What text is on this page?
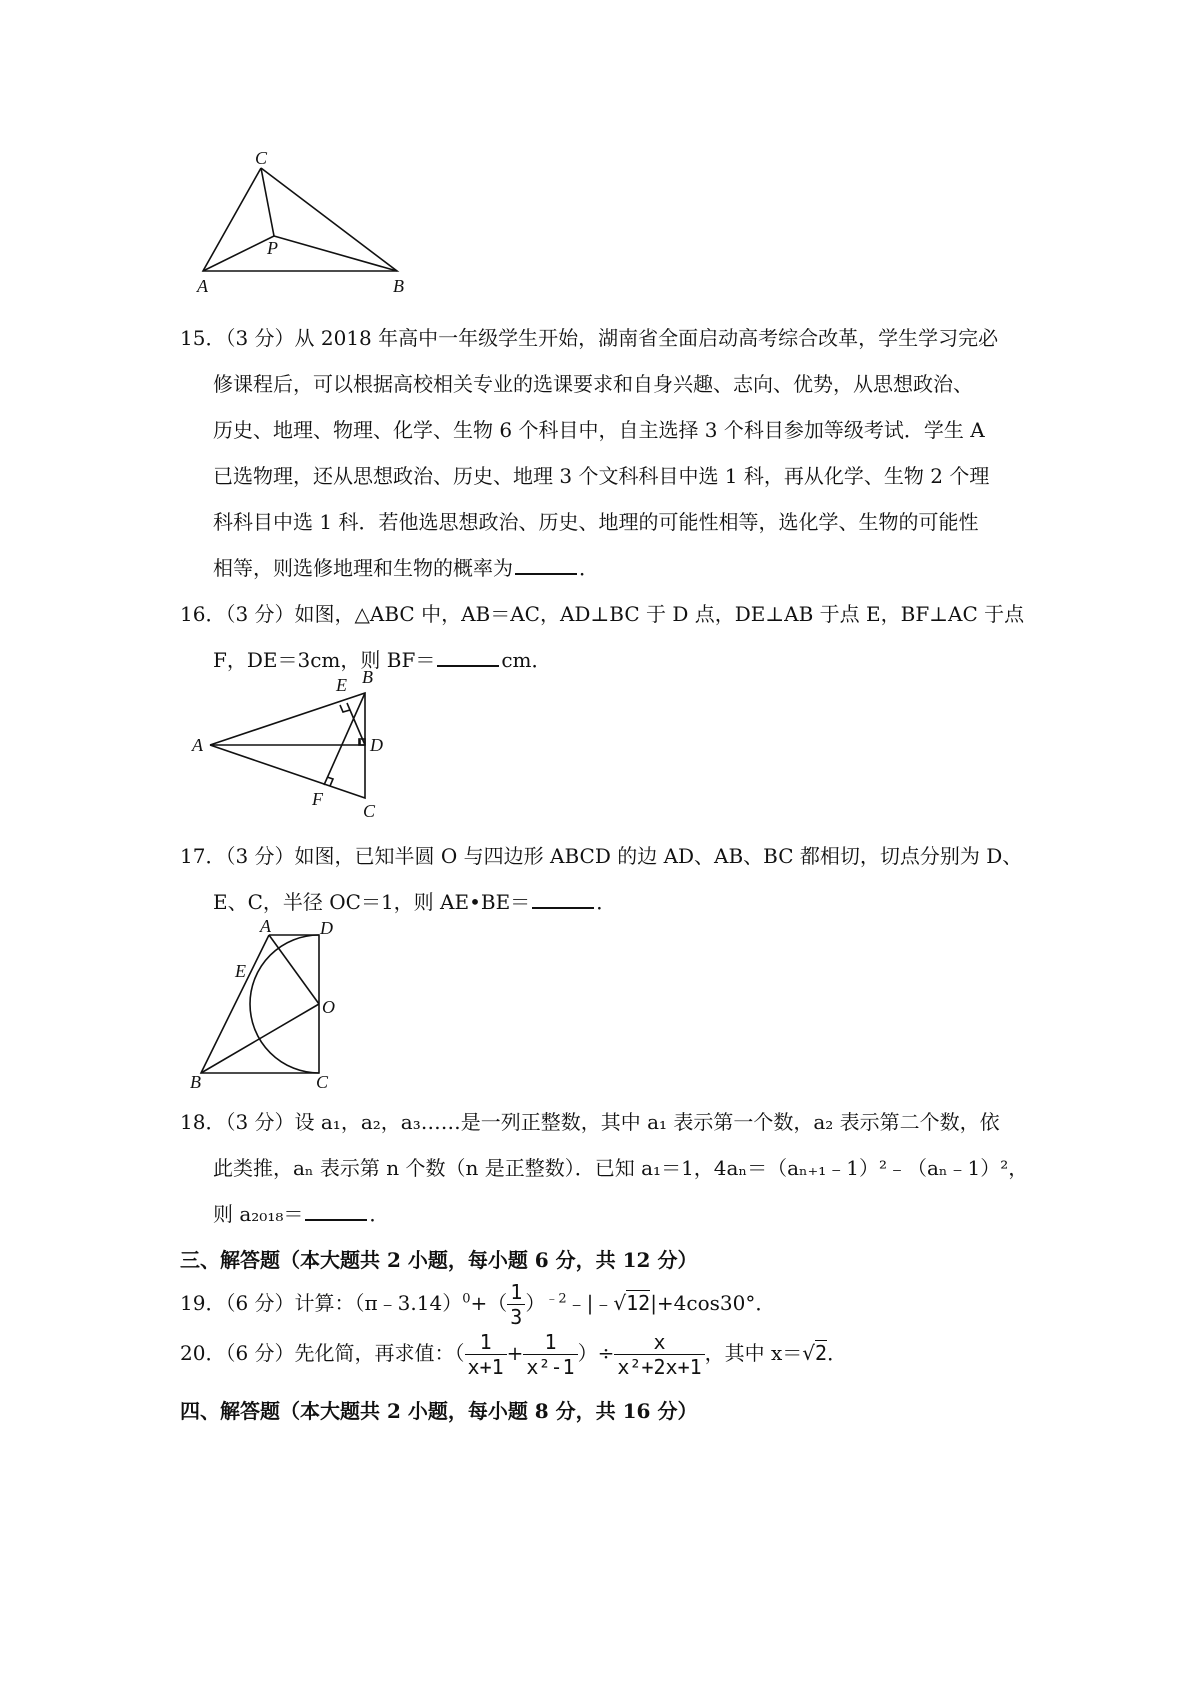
C
P
A	B
15．（3 分）从 2018 年高中一年级学生开始，湖南省全面启动高考综合改革，学生学习完必
修课程后，可以根据高校相关专业的选课要求和自身兴趣、志向、优势，从思想政治、
历史、地理、物理、化学、生物 6 个科目中，自主选择 3 个科目参加等级考试．学生 A
已选物理，还从思想政治、历史、地理 3 个文科科目中选 1 科，再从化学、生物 2 个理
科科目中选 1 科．若他选思想政治、历史、地理的可能性相等，选化学、生物的可能性
相等，则选修地理和生物的概率为	．
16．（3 分）如图，△ABC 中，AB＝AC，AD⊥BC 于 D 点，DE⊥AB 于点 E，BF⊥AC 于点
F，DE＝3cm，则 BF＝	cm．
E B
A	D
F
C
17．（3 分）如图，已知半圆 O 与四边形 ABCD 的边 AD、AB、BC 都相切，切点分别为 D、
E、C，半径 OC＝1，则 AE•BE＝	．
A	D
E
O
B	C
18．（3 分）设 a₁，a₂，a₃……是一列正整数，其中 a₁ 表示第一个数，a₂ 表示第二个数，依
此类推，aₙ 表示第 n 个数（n 是正整数）．已知 a₁＝1，4aₙ＝（aₙ₊₁﹣1）²﹣（aₙ﹣1）²，
则 a₂₀₁₈＝	．
三、解答题（本大题共 2 小题，每小题 6 分，共 12 分）
19．（6 分）计算：（π﹣3.14）$^0$+（ $\frac{1}{3}$ ）$^{﹣2}$﹣|﹣√12|+4cos30°．
20．（6 分）先化简，再求值：（ $\frac{1}{x+1} + \frac{1}{\text{x²-1}}$ ）÷ $\frac{x}{\text{x²+2x+1}}$ ，其中 x＝√2．
四、解答题（本大题共 2 小题，每小题 8 分，共 16 分）
